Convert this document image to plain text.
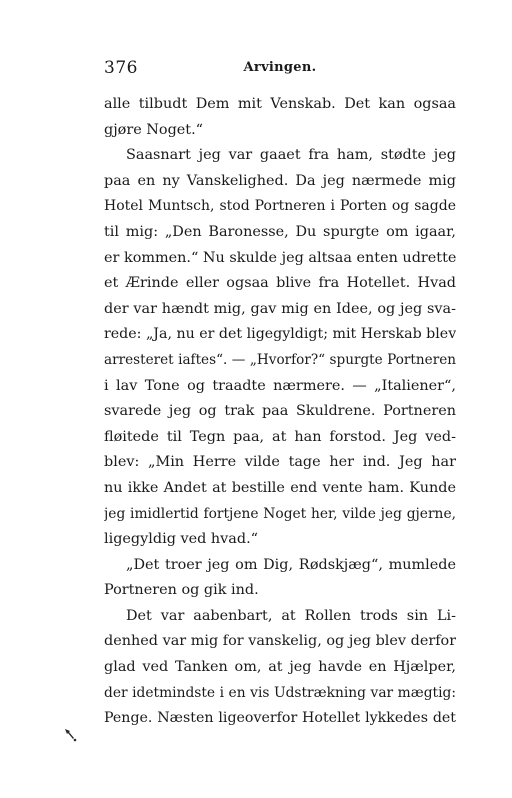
376	Arvingen.
alle tilbudt Dem mit Venskab. Det kan ogsaa
gjøre Noget.“
Saasnart jeg var gaaet fra ham, stødte jeg
paa en ny Vanskelighed. Da jeg nærmede mig
Hotel Muntsch, stod Portneren i Porten og sagde
til mig: „Den Baronesse, Du spurgte om igaar,
er kommen.“ Nu skulde jeg altsaa enten udrette
et Ærinde eller ogsaa blive fra Hotellet. Hvad
der var hændt mig, gav mig en Idee, og jeg sva-
rede: „Ja, nu er det ligegyldigt; mit Herskab blev
arresteret iaftes“. — „Hvorfor?“ spurgte Portneren
i lav Tone og traadte nærmere. — „Italiener“,
svarede jeg og trak paa Skuldrene. Portneren
fløitede til Tegn paa, at han forstod. Jeg ved-
blev: „Min Herre vilde tage her ind. Jeg har
nu ikke Andet at bestille end vente ham. Kunde
jeg imidlertid fortjene Noget her, vilde jeg gjerne,
ligegyldig ved hvad.“
„Det troer jeg om Dig, Rødskjæg“, mumlede
Portneren og gik ind.
Det var aabenbart, at Rollen trods sin Li-
denhed var mig for vanskelig, og jeg blev derfor
glad ved Tanken om, at jeg havde en Hjælper,
der idetmindste i en vis Udstrækning var mægtig:
Penge. Næsten ligeoverfor Hotellet lykkedes det
